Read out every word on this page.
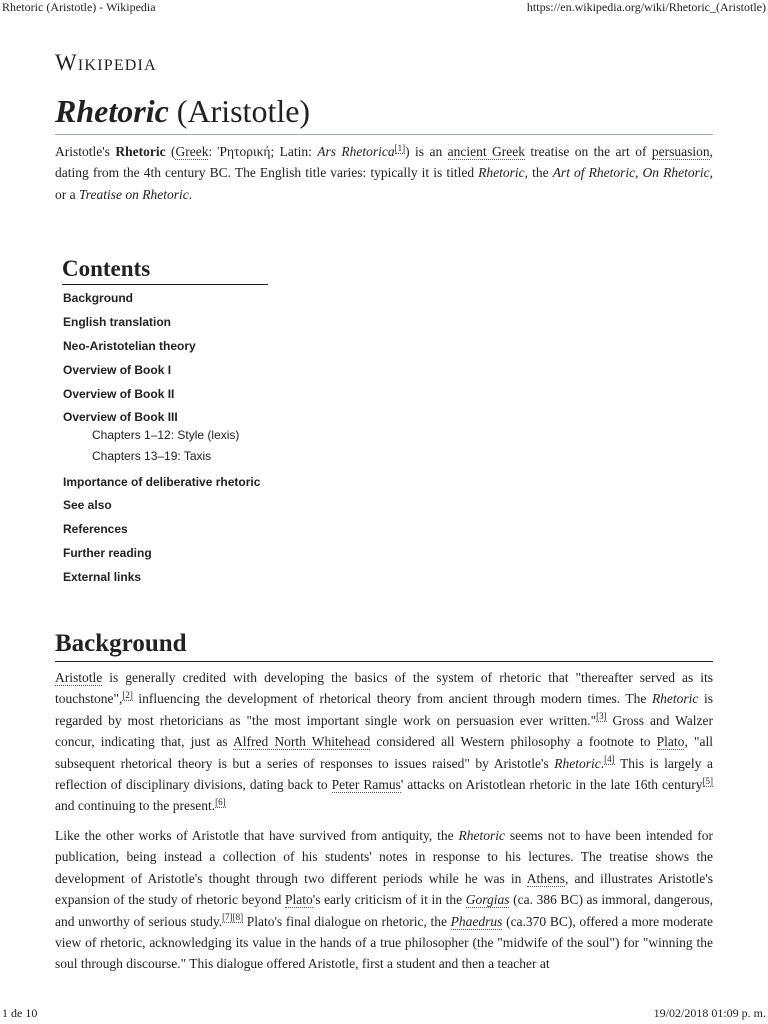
Rhetoric (Aristotle) - Wikipedia	https://en.wikipedia.org/wiki/Rhetoric_(Aristotle)
Wikipedia
Rhetoric (Aristotle)

Aristotle's Rhetoric (Greek: Ῥητορική; Latin: Ars Rhetorica[1]) is an ancient Greek treatise on the art of persuasion, dating from the 4th century BC. The English title varies: typically it is titled Rhetoric, the Art of Rhetoric, On Rhetoric, or a Treatise on Rhetoric.

Contents
Background
English translation
Neo-Aristotelian theory
Overview of Book I
Overview of Book II
Overview of Book III
Chapters 1–12: Style (lexis)
Chapters 13–19: Taxis
Importance of deliberative rhetoric
See also
References
Further reading
External links
Background

Aristotle is generally credited with developing the basics of the system of rhetoric that "thereafter served as its touchstone",[2] influencing the development of rhetorical theory from ancient through modern times. The Rhetoric is regarded by most rhetoricians as "the most important single work on persuasion ever written."[3] Gross and Walzer concur, indicating that, just as Alfred North Whitehead considered all Western philosophy a footnote to Plato, "all subsequent rhetorical theory is but a series of responses to issues raised" by Aristotle's Rhetoric.[4] This is largely a reflection of disciplinary divisions, dating back to Peter Ramus' attacks on Aristotlean rhetoric in the late 16th century[5] and continuing to the present.[6]

Like the other works of Aristotle that have survived from antiquity, the Rhetoric seems not to have been intended for publication, being instead a collection of his students' notes in response to his lectures. The treatise shows the development of Aristotle's thought through two different periods while he was in Athens, and illustrates Aristotle's expansion of the study of rhetoric beyond Plato's early criticism of it in the Gorgias (ca. 386 BC) as immoral, dangerous, and unworthy of serious study.[7][8] Plato's final dialogue on rhetoric, the Phaedrus (ca.370 BC), offered a more moderate view of rhetoric, acknowledging its value in the hands of a true philosopher (the "midwife of the soul") for "winning the soul through discourse." This dialogue offered Aristotle, first a student and then a teacher at

1 de 10	19/02/2018 01:09 p. m.
